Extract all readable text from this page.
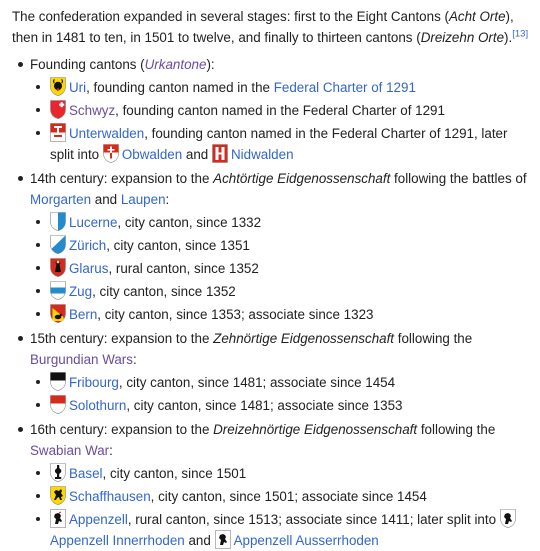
The confederation expanded in several stages: first to the Eight Cantons (Acht Orte), then in 1481 to ten, in 1501 to twelve, and finally to thirteen cantons (Dreizehn Orte).[13]

Founding cantons (Urkantone):
Uri, founding canton named in the Federal Charter of 1291
Schwyz, founding canton named in the Federal Charter of 1291
Unterwalden, founding canton named in the Federal Charter of 1291, later split into Obwalden and Nidwalden
14th century: expansion to the Achtörtige Eidgenossenschaft following the battles of Morgarten and Laupen:
Lucerne, city canton, since 1332
Zürich, city canton, since 1351
Glarus, rural canton, since 1352
Zug, city canton, since 1352
Bern, city canton, since 1353; associate since 1323
15th century: expansion to the Zehnörtige Eidgenossenschaft following the Burgundian Wars:
Fribourg, city canton, since 1481; associate since 1454
Solothurn, city canton, since 1481; associate since 1353
16th century: expansion to the Dreizehnörtige Eidgenossenschaft following the Swabian War:
Basel, city canton, since 1501
Schaffhausen, city canton, since 1501; associate since 1454
Appenzell, rural canton, since 1513; associate since 1411; later split into
Appenzell Innerrhoden and Appenzell Ausserrhoden
